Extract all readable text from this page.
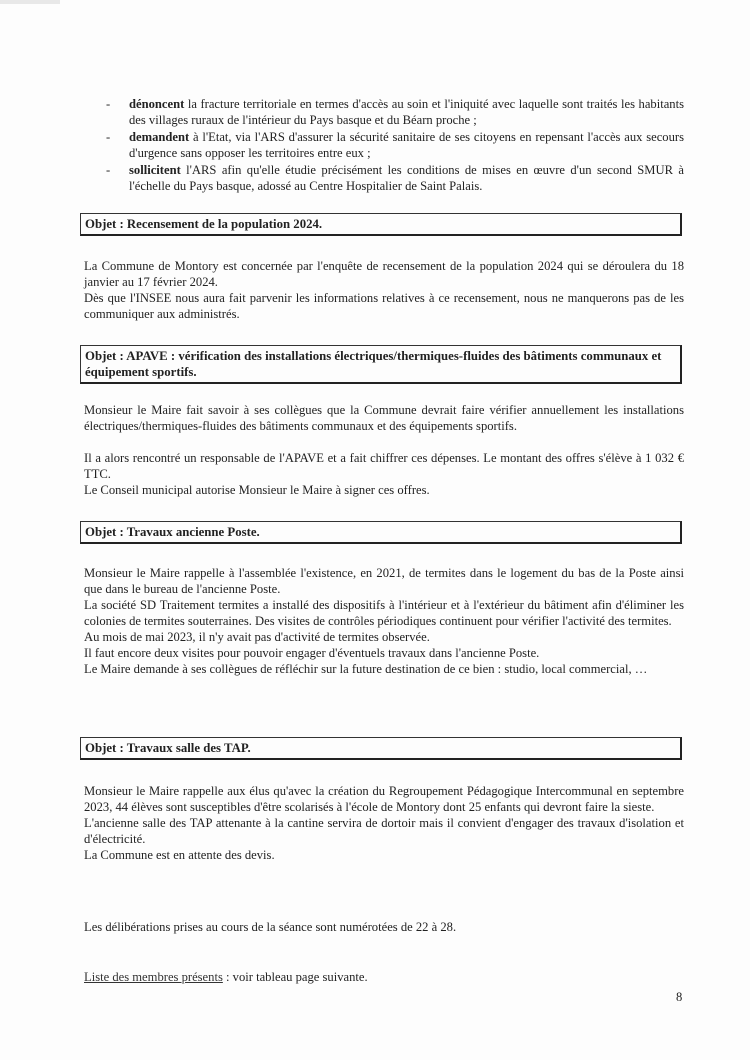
- dénoncent la fracture territoriale en termes d'accès au soin et l'iniquité avec laquelle sont traités les habitants des villages ruraux de l'intérieur du Pays basque et du Béarn proche ;
- demandent à l'Etat, via l'ARS d'assurer la sécurité sanitaire de ses citoyens en repensant l'accès aux secours d'urgence sans opposer les territoires entre eux ;
- sollicitent l'ARS afin qu'elle étudie précisément les conditions de mises en œuvre d'un second SMUR à l'échelle du Pays basque, adossé au Centre Hospitalier de Saint Palais.
Objet : Recensement de la population 2024.

La Commune de Montory est concernée par l'enquête de recensement de la population 2024 qui se déroulera du 18 janvier au 17 février 2024.

Dès que l'INSEE nous aura fait parvenir les informations relatives à ce recensement, nous ne manquerons pas de les communiquer aux administrés.

Objet : APAVE : vérification des installations électriques/thermiques-fluides des bâtiments communaux et équipement sportifs.

Monsieur le Maire fait savoir à ses collègues que la Commune devrait faire vérifier annuellement les installations électriques/thermiques-fluides des bâtiments communaux et des équipements sportifs.

Il a alors rencontré un responsable de l'APAVE et a fait chiffrer ces dépenses. Le montant des offres s'élève à 1 032 € TTC.

Le Conseil municipal autorise Monsieur le Maire à signer ces offres.

Objet : Travaux ancienne Poste.

Monsieur le Maire rappelle à l'assemblée l'existence, en 2021, de termites dans le logement du bas de la Poste ainsi que dans le bureau de l'ancienne Poste.

La société SD Traitement termites a installé des dispositifs à l'intérieur et à l'extérieur du bâtiment afin d'éliminer les colonies de termites souterraines. Des visites de contrôles périodiques continuent pour vérifier l'activité des termites.

Au mois de mai 2023, il n'y avait pas d'activité de termites observée.

Il faut encore deux visites pour pouvoir engager d'éventuels travaux dans l'ancienne Poste.

Le Maire demande à ses collègues de réfléchir sur la future destination de ce bien : studio, local commercial, …

Objet : Travaux salle des TAP.

Monsieur le Maire rappelle aux élus qu'avec la création du Regroupement Pédagogique Intercommunal en septembre 2023, 44 élèves sont susceptibles d'être scolarisés à l'école de Montory dont 25 enfants qui devront faire la sieste.

L'ancienne salle des TAP attenante à la cantine servira de dortoir mais il convient d'engager des travaux d'isolation et d'électricité.

La Commune est en attente des devis.

Les délibérations prises au cours de la séance sont numérotées de 22 à 28.
Liste des membres présents : voir tableau page suivante.
8
